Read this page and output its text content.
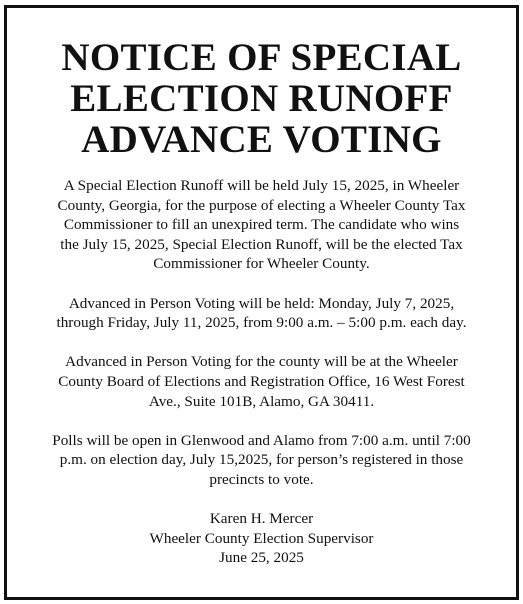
NOTICE OF SPECIAL
ELECTION RUNOFF
ADVANCE VOTING

A Special Election Runoff will be held July 15, 2025, in Wheeler
County, Georgia, for the purpose of electing a Wheeler County Tax
Commissioner to fill an unexpired term. The candidate who wins
the July 15, 2025, Special Election Runoff, will be the elected Tax
Commissioner for Wheeler County.

Advanced in Person Voting will be held: Monday, July 7, 2025,
through Friday, July 11, 2025, from 9:00 a.m. – 5:00 p.m. each day.

Advanced in Person Voting for the county will be at the Wheeler
County Board of Elections and Registration Office, 16 West Forest
Ave., Suite 101B, Alamo, GA 30411.

Polls will be open in Glenwood and Alamo from 7:00 a.m. until 7:00
p.m. on election day, July 15,2025, for person’s registered in those
precincts to vote.

Karen H. Mercer
Wheeler County Election Supervisor
June 25, 2025
